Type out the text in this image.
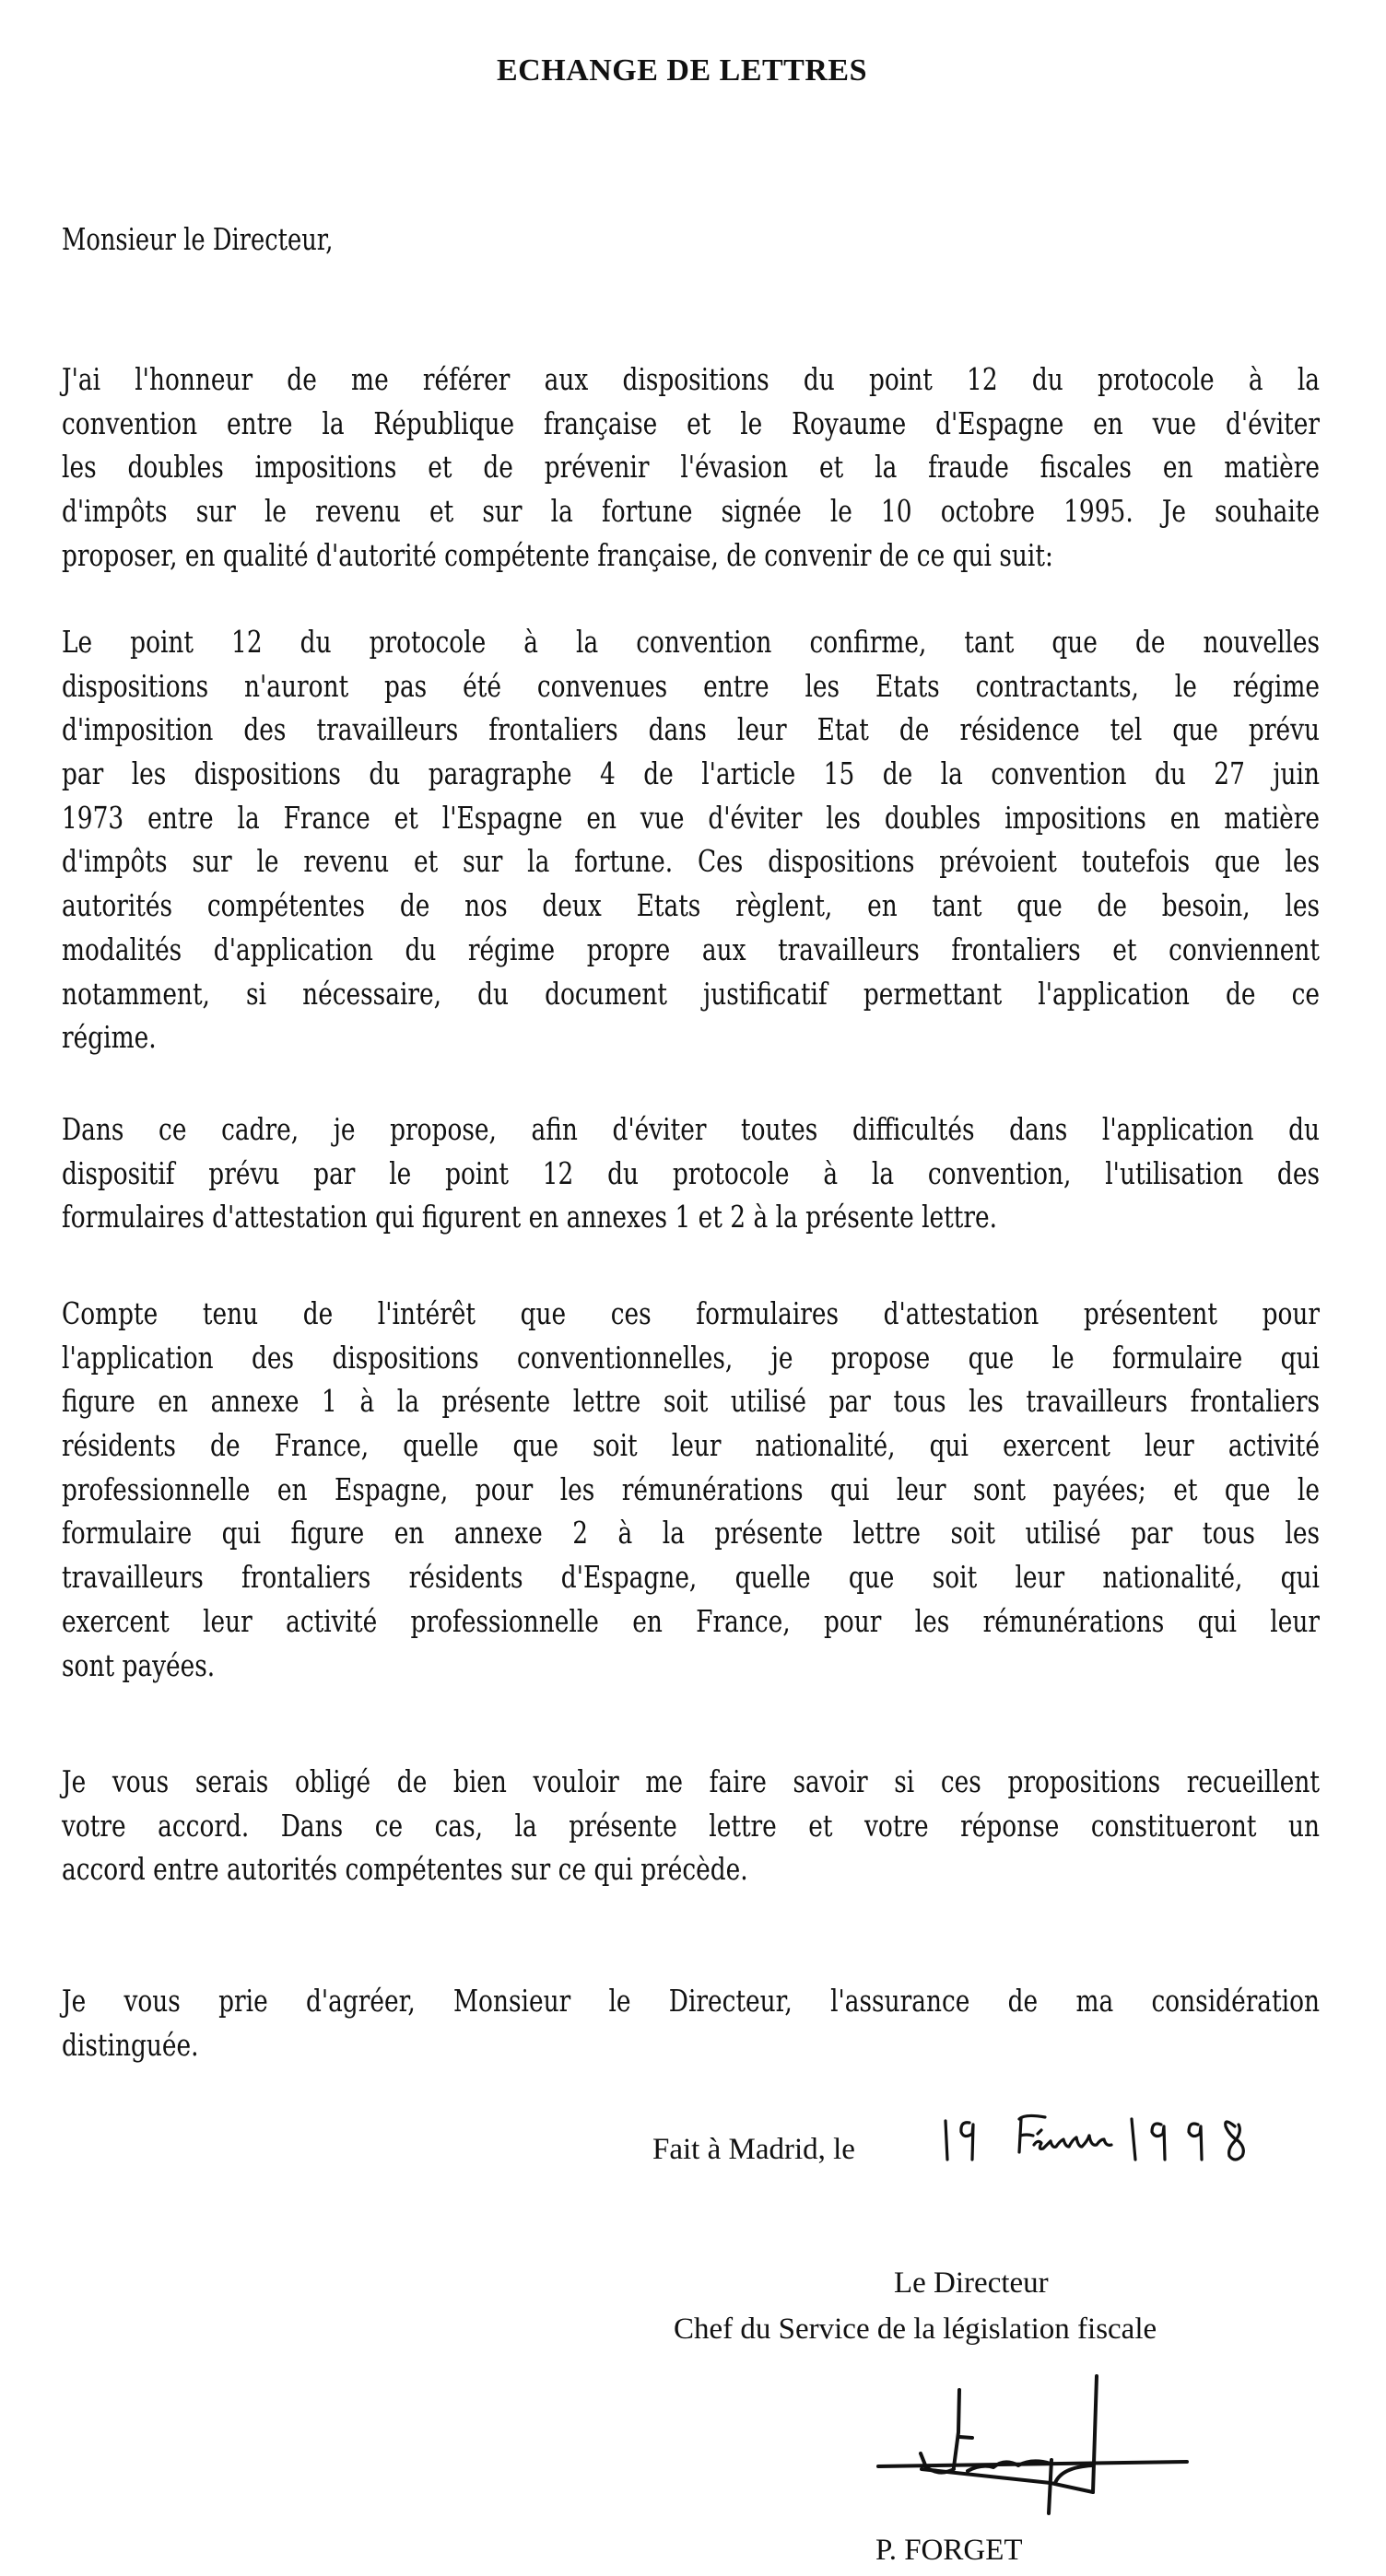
ECHANGE DE LETTRES
Monsieur le Directeur,
J'ai l'honneur de me référer aux dispositions du point 12 du protocole à la
convention entre la République française et le Royaume d'Espagne en vue d'éviter
les doubles impositions et de prévenir l'évasion et la fraude fiscales en matière
d'impôts sur le revenu et sur la fortune signée le 10 octobre 1995. Je souhaite
proposer, en qualité d'autorité compétente française, de convenir de ce qui suit:
Le point 12 du protocole à la convention confirme, tant que de nouvelles
dispositions n'auront pas été convenues entre les Etats contractants, le régime
d'imposition des travailleurs frontaliers dans leur Etat de résidence tel que prévu
par les dispositions du paragraphe 4 de l'article 15 de la convention du 27 juin
1973 entre la France et l'Espagne en vue d'éviter les doubles impositions en matière
d'impôts sur le revenu et sur la fortune. Ces dispositions prévoient toutefois que les
autorités compétentes de nos deux Etats règlent, en tant que de besoin, les
modalités d'application du régime propre aux travailleurs frontaliers et conviennent
notamment, si nécessaire, du document justificatif permettant l'application de ce
régime.
Dans ce cadre, je propose, afin d'éviter toutes difficultés dans l'application du
dispositif prévu par le point 12 du protocole à la convention, l'utilisation des
formulaires d'attestation qui figurent en annexes 1 et 2 à la présente lettre.
Compte tenu de l'intérêt que ces formulaires d'attestation présentent pour
l'application des dispositions conventionnelles, je propose que le formulaire qui
figure en annexe 1 à la présente lettre soit utilisé par tous les travailleurs frontaliers
résidents de France, quelle que soit leur nationalité, qui exercent leur activité
professionnelle en Espagne, pour les rémunérations qui leur sont payées; et que le
formulaire qui figure en annexe 2 à la présente lettre soit utilisé par tous les
travailleurs frontaliers résidents d'Espagne, quelle que soit leur nationalité, qui
exercent leur activité professionnelle en France, pour les rémunérations qui leur
sont payées.
Je vous serais obligé de bien vouloir me faire savoir si ces propositions recueillent
votre accord. Dans ce cas, la présente lettre et votre réponse constitueront un
accord entre autorités compétentes sur ce qui précède.
Je vous prie d'agréer, Monsieur le Directeur, l'assurance de ma considération
distinguée.
Fait à Madrid, le
Le Directeur
Chef du Service de la législation fiscale
P. FORGET
